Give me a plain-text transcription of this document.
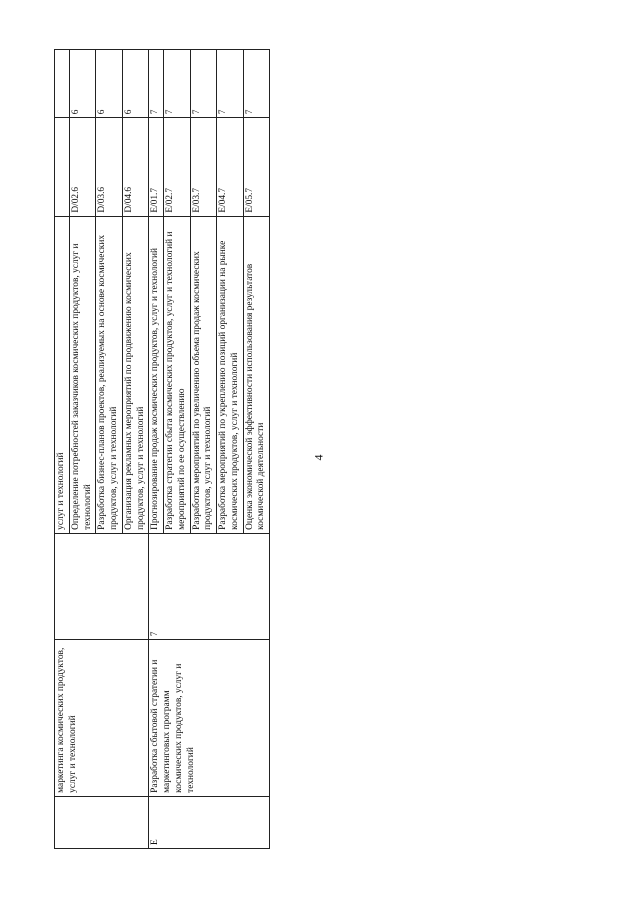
4
	маркетинга космических продуктов, услуг и технологий		услуг и технологий		
			Определение потребностей заказчиков космических продуктов, услуг и технологий	D/02.6	6
			Разработка бизнес-планов проектов, реализуемых на основе космических продуктов, услуг и технологий	D/03.6	6
			Организация рекламных мероприятий по продвижению космических продуктов, услуг и технологий	D/04.6	6
Е	Разработка сбытовой стратегии и маркетинговых программ космических продуктов, услуг и технологий	7	Прогнозирование продаж космических продуктов, услуг и технологий	E/01.7	7
			Разработка стратегии сбыта космических продуктов, услуг и технологий и мероприятий по ее осуществлению	E/02.7	7
			Разработка мероприятий по увеличению объема продаж космических продуктов, услуг и технологий	E/03.7	7
			Разработка мероприятий по укреплению позиций организации на рынке космических продуктов, услуг и технологий	E/04.7	7
			Оценка экономической эффективности использования результатов космической деятельности	E/05.7	7
